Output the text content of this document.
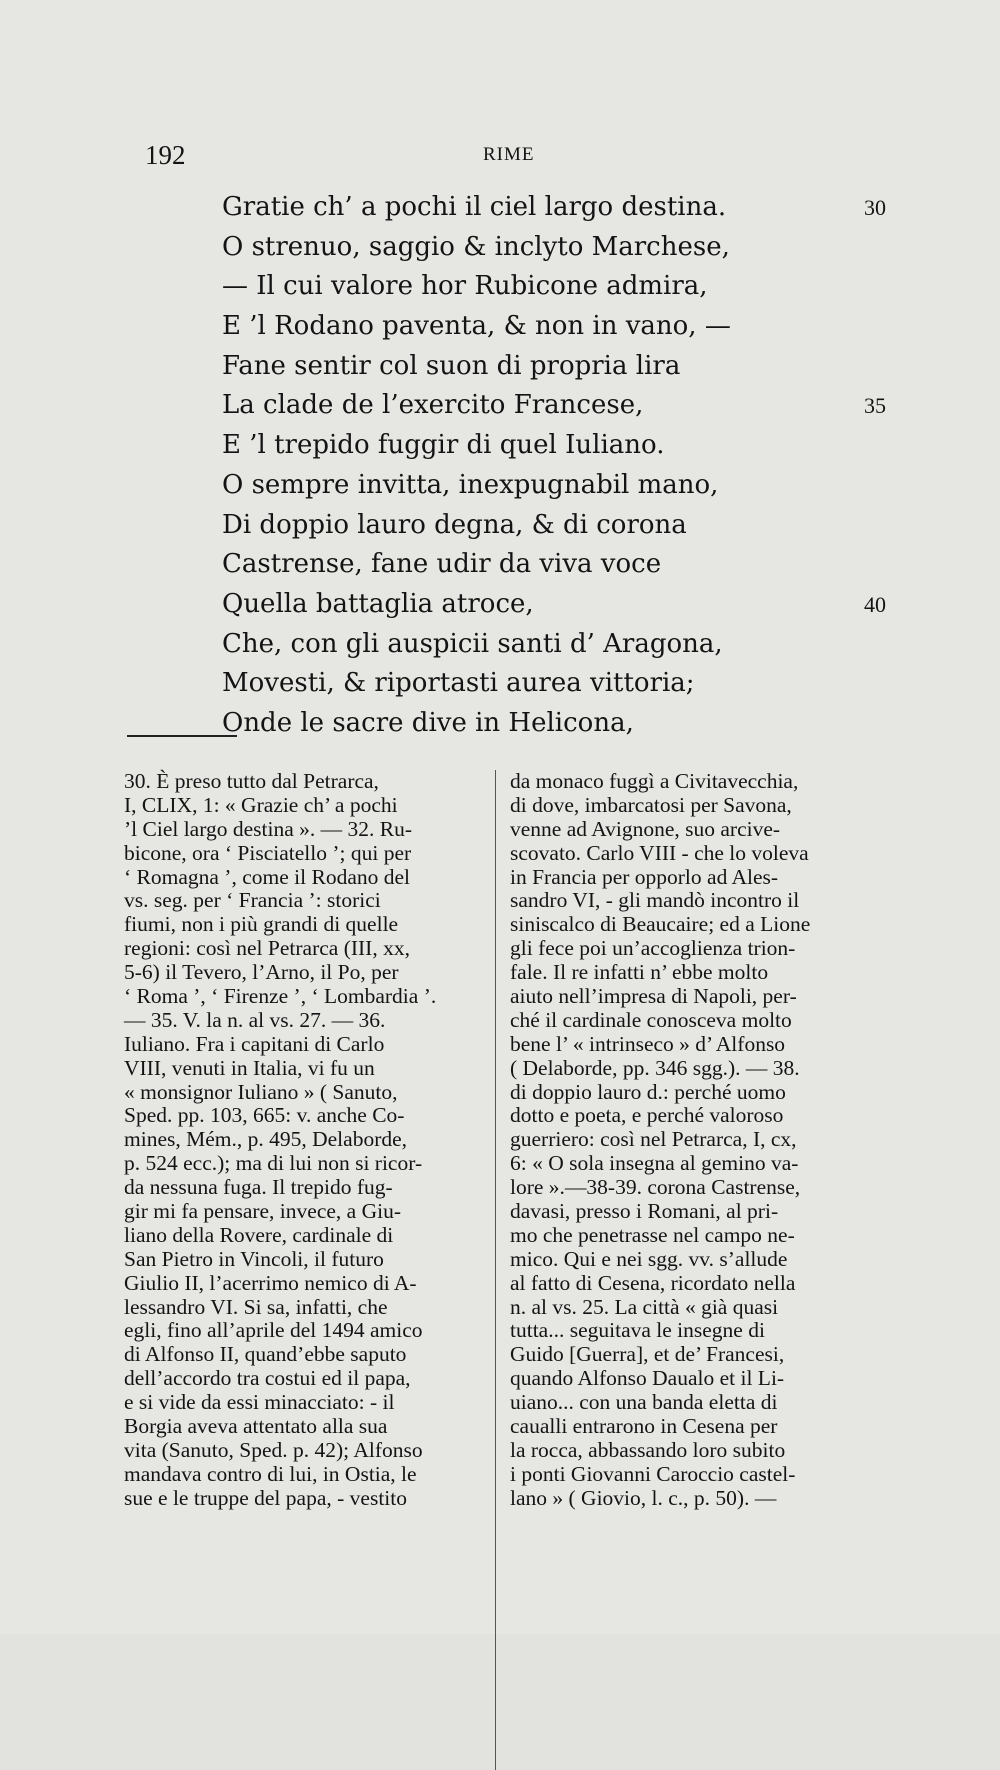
192	RIME
Gratie ch’ a pochi il ciel largo destina.	30
O strenuo, saggio & inclyto Marchese,
— Il cui valore hor Rubicone admira,
E ’l Rodano paventa, & non in vano, —
Fane sentir col suon di propria lira
La clade de l’exercito Francese,	35
E ’l trepido fuggir di quel Iuliano.
O sempre invitta, inexpugnabil mano,
Di doppio lauro degna, & di corona
Castrense, fane udir da viva voce
Quella battaglia atroce,	40
Che, con gli auspicii santi d’ Aragona,
Movesti, & riportasti aurea vittoria;
Onde le sacre dive in Helicona,
30. È preso tutto dal Petrarca,
I, CLIX, 1: « Grazie ch’ a pochi
’l Ciel largo destina ». — 32. Ru-
bicone, ora ‘ Pisciatello ’; qui per
‘ Romagna ’, come il Rodano del
vs. seg. per ‘ Francia ’: storici
fiumi, non i più grandi di quelle
regioni: così nel Petrarca (III, xx,
5-6) il Tevero, l’Arno, il Po, per
‘ Roma ’, ‘ Firenze ’, ‘ Lombardia ’.
— 35. V. la n. al vs. 27. — 36.
Iuliano. Fra i capitani di Carlo
VIII, venuti in Italia, vi fu un
« monsignor Iuliano » ( Sanuto,
Sped. pp. 103, 665: v. anche Co-
mines, Mém., p. 495, Delaborde,
p. 524 ecc.); ma di lui non si ricor-
da nessuna fuga. Il trepido fug-
gir mi fa pensare, invece, a Giu-
liano della Rovere, cardinale di
San Pietro in Vincoli, il futuro
Giulio II, l’acerrimo nemico di A-
lessandro VI. Si sa, infatti, che
egli, fino all’aprile del 1494 amico
di Alfonso II, quand’ebbe saputo
dell’accordo tra costui ed il papa,
e si vide da essi minacciato: - il
Borgia aveva attentato alla sua
vita (Sanuto, Sped. p. 42); Alfonso
mandava contro di lui, in Ostia, le
sue e le truppe del papa, - vestito
da monaco fuggì a Civitavecchia,
di dove, imbarcatosi per Savona,
venne ad Avignone, suo arcive-
scovato. Carlo VIII - che lo voleva
in Francia per opporlo ad Ales-
sandro VI, - gli mandò incontro il
siniscalco di Beaucaire; ed a Lione
gli fece poi un’accoglienza trion-
fale. Il re infatti n’ ebbe molto
aiuto nell’impresa di Napoli, per-
ché il cardinale conosceva molto
bene l’ « intrinseco » d’ Alfonso
( Delaborde, pp. 346 sgg.). — 38.
di doppio lauro d.: perché uomo
dotto e poeta, e perché valoroso
guerriero: così nel Petrarca, I, cx,
6: « O sola insegna al gemino va-
lore ».—38-39. corona Castrense,
davasi, presso i Romani, al pri-
mo che penetrasse nel campo ne-
mico. Qui e nei sgg. vv. s’allude
al fatto di Cesena, ricordato nella
n. al vs. 25. La città « già quasi
tutta... seguitava le insegne di
Guido [Guerra], et de’ Francesi,
quando Alfonso Daualo et il Li-
uiano... con una banda eletta di
caualli entrarono in Cesena per
la rocca, abbassando loro subito
i ponti Giovanni Caroccio castel-
lano » ( Giovio, l. c., p. 50). —
